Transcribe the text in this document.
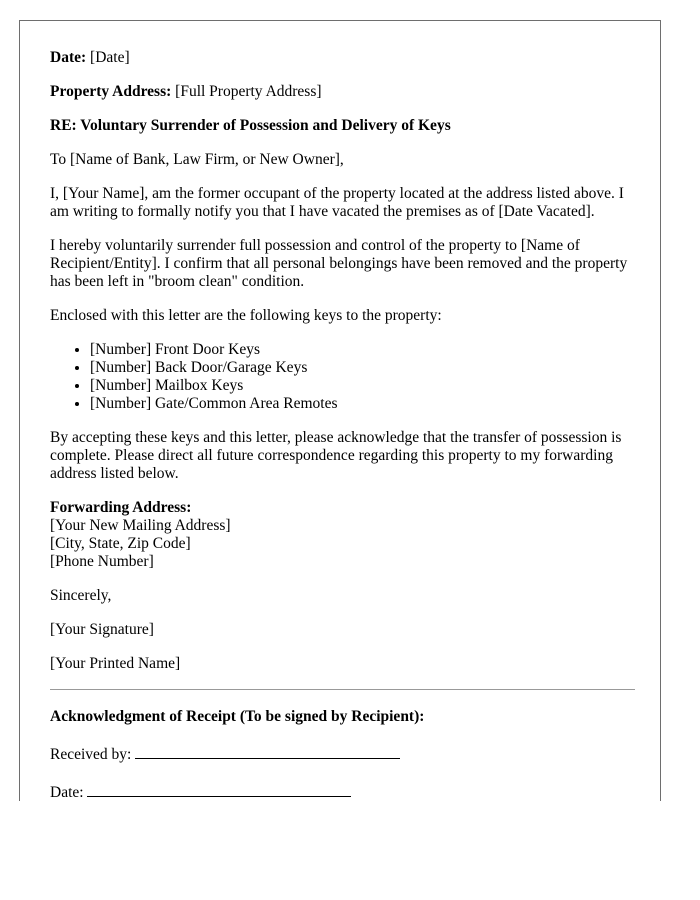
Date: [Date]

Property Address: [Full Property Address]

RE: Voluntary Surrender of Possession and Delivery of Keys

To [Name of Bank, Law Firm, or New Owner],

I, [Your Name], am the former occupant of the property located at the address listed above. I am writing to formally notify you that I have vacated the premises as of [Date Vacated].

I hereby voluntarily surrender full possession and control of the property to [Name of Recipient/Entity]. I confirm that all personal belongings have been removed and the property has been left in "broom clean" condition.

Enclosed with this letter are the following keys to the property:

• [Number] Front Door Keys
• [Number] Back Door/Garage Keys
• [Number] Mailbox Keys
• [Number] Gate/Common Area Remotes

By accepting these keys and this letter, please acknowledge that the transfer of possession is complete. Please direct all future correspondence regarding this property to my forwarding address listed below.

Forwarding Address:
[Your New Mailing Address]
[City, State, Zip Code]
[Phone Number]

Sincerely,

[Your Signature]

[Your Printed Name]

Acknowledgment of Receipt (To be signed by Recipient):

Received by:

Date:
